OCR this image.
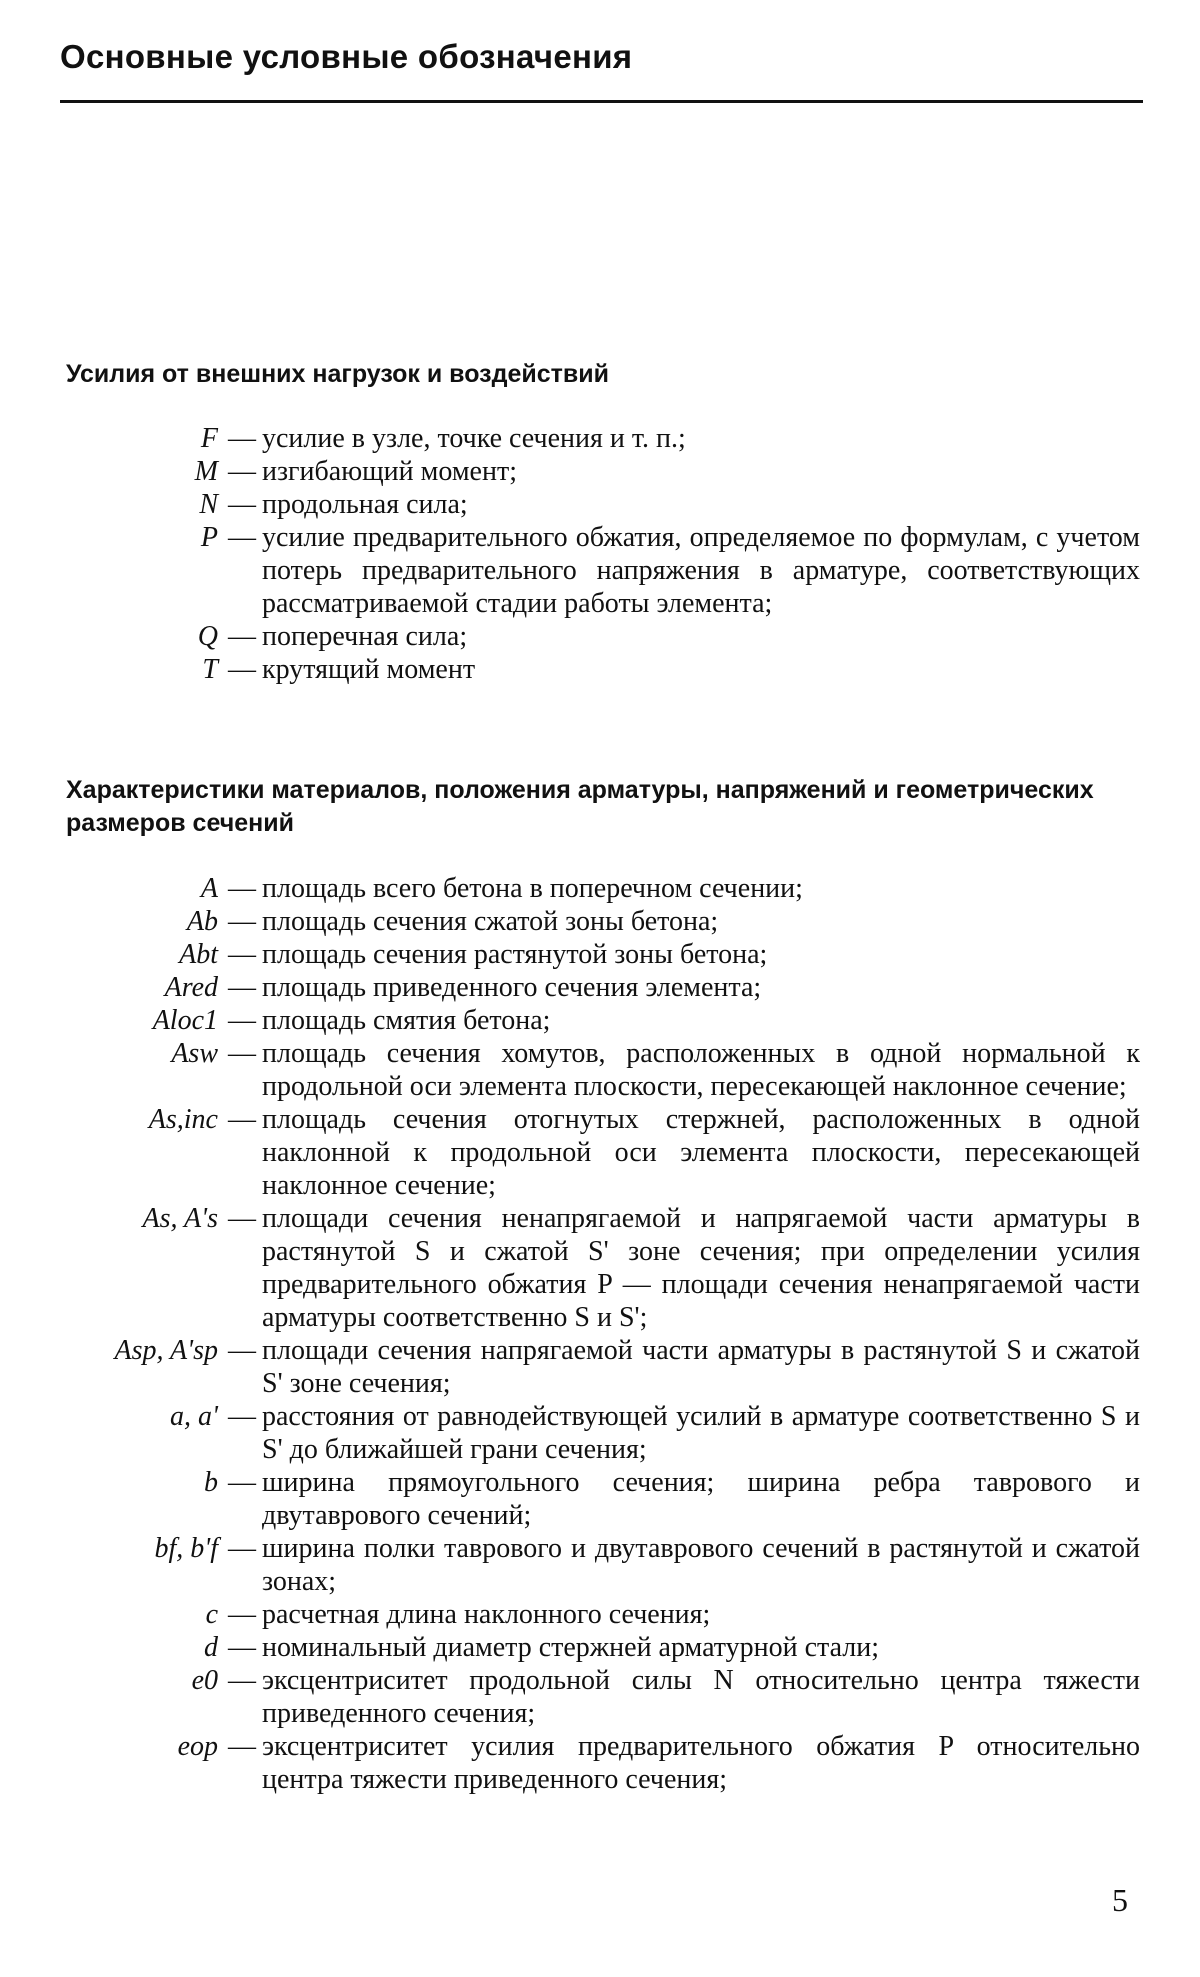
Основные условные обозначения
Усилия от внешних нагрузок и воздействий
F — усилие в узле, точке сечения и т. п.;
M — изгибающий момент;
N — продольная сила;
P — усилие предварительного обжатия, определяемое по формулам, с учетом потерь предварительного напряжения в арматуре, соответствующих рассматриваемой стадии работы элемента;
Q — поперечная сила;
T — крутящий момент
Характеристики материалов, положения арматуры, напряжений и геометрических размеров сечений
A — площадь всего бетона в поперечном сечении;
Ab — площадь сечения сжатой зоны бетона;
Abt — площадь сечения растянутой зоны бетона;
Ared — площадь приведенного сечения элемента;
Aloc1 — площадь смятия бетона;
Asw — площадь сечения хомутов, расположенных в одной нормальной к продольной оси элемента плоскости, пересекающей наклонное сечение;
As,inc — площадь сечения отогнутых стержней, расположенных в одной наклонной к продольной оси элемента плоскости, пересекающей наклонное сечение;
As, A's — площади сечения ненапрягаемой и напрягаемой части арматуры в растянутой S и сжатой S' зоне сечения; при определении усилия предварительного обжатия P — площади сечения ненапрягаемой части арматуры соответственно S и S';
Asp, A'sp — площади сечения напрягаемой части арматуры в растянутой S и сжатой S' зоне сечения;
a, a' — расстояния от равнодействующей усилий в арматуре соответственно S и S' до ближайшей грани сечения;
b — ширина прямоугольного сечения; ширина ребра таврового и двутаврового сечений;
bf, b'f — ширина полки таврового и двутаврового сечений в растянутой и сжатой зонах;
c — расчетная длина наклонного сечения;
d — номинальный диаметр стержней арматурной стали;
e0 — эксцентриситет продольной силы N относительно центра тяжести приведенного сечения;
eop — эксцентриситет усилия предварительного обжатия P относительно центра тяжести приведенного сечения;
5
